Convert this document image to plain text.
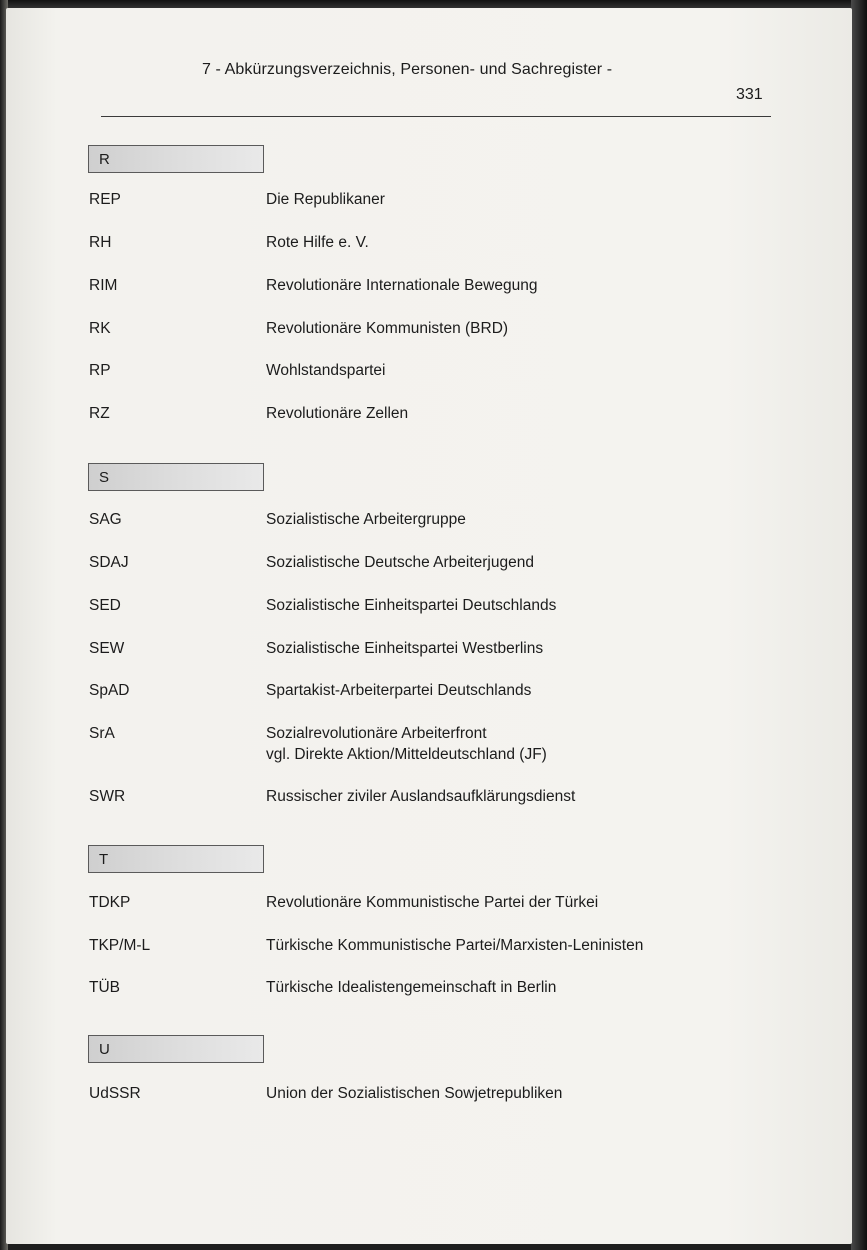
7 - Abkürzungsverzeichnis, Personen- und Sachregister -
331
R
REP	Die Republikaner
RH	Rote Hilfe e. V.
RIM	Revolutionäre Internationale Bewegung
RK	Revolutionäre Kommunisten (BRD)
RP	Wohlstandspartei
RZ	Revolutionäre Zellen
S
SAG	Sozialistische Arbeitergruppe
SDAJ	Sozialistische Deutsche Arbeiterjugend
SED	Sozialistische Einheitspartei Deutschlands
SEW	Sozialistische Einheitspartei Westberlins
SpAD	Spartakist-Arbeiterpartei Deutschlands
SrA	Sozialrevolutionäre Arbeiterfront
vgl. Direkte Aktion/Mitteldeutschland (JF)
SWR	Russischer ziviler Auslandsaufklärungsdienst
T
TDKP	Revolutionäre Kommunistische Partei der Türkei
TKP/M-L	Türkische Kommunistische Partei/Marxisten-Leninisten
TÜB	Türkische Idealistengemeinschaft in Berlin
U
UdSSR	Union der Sozialistischen Sowjetrepubliken
